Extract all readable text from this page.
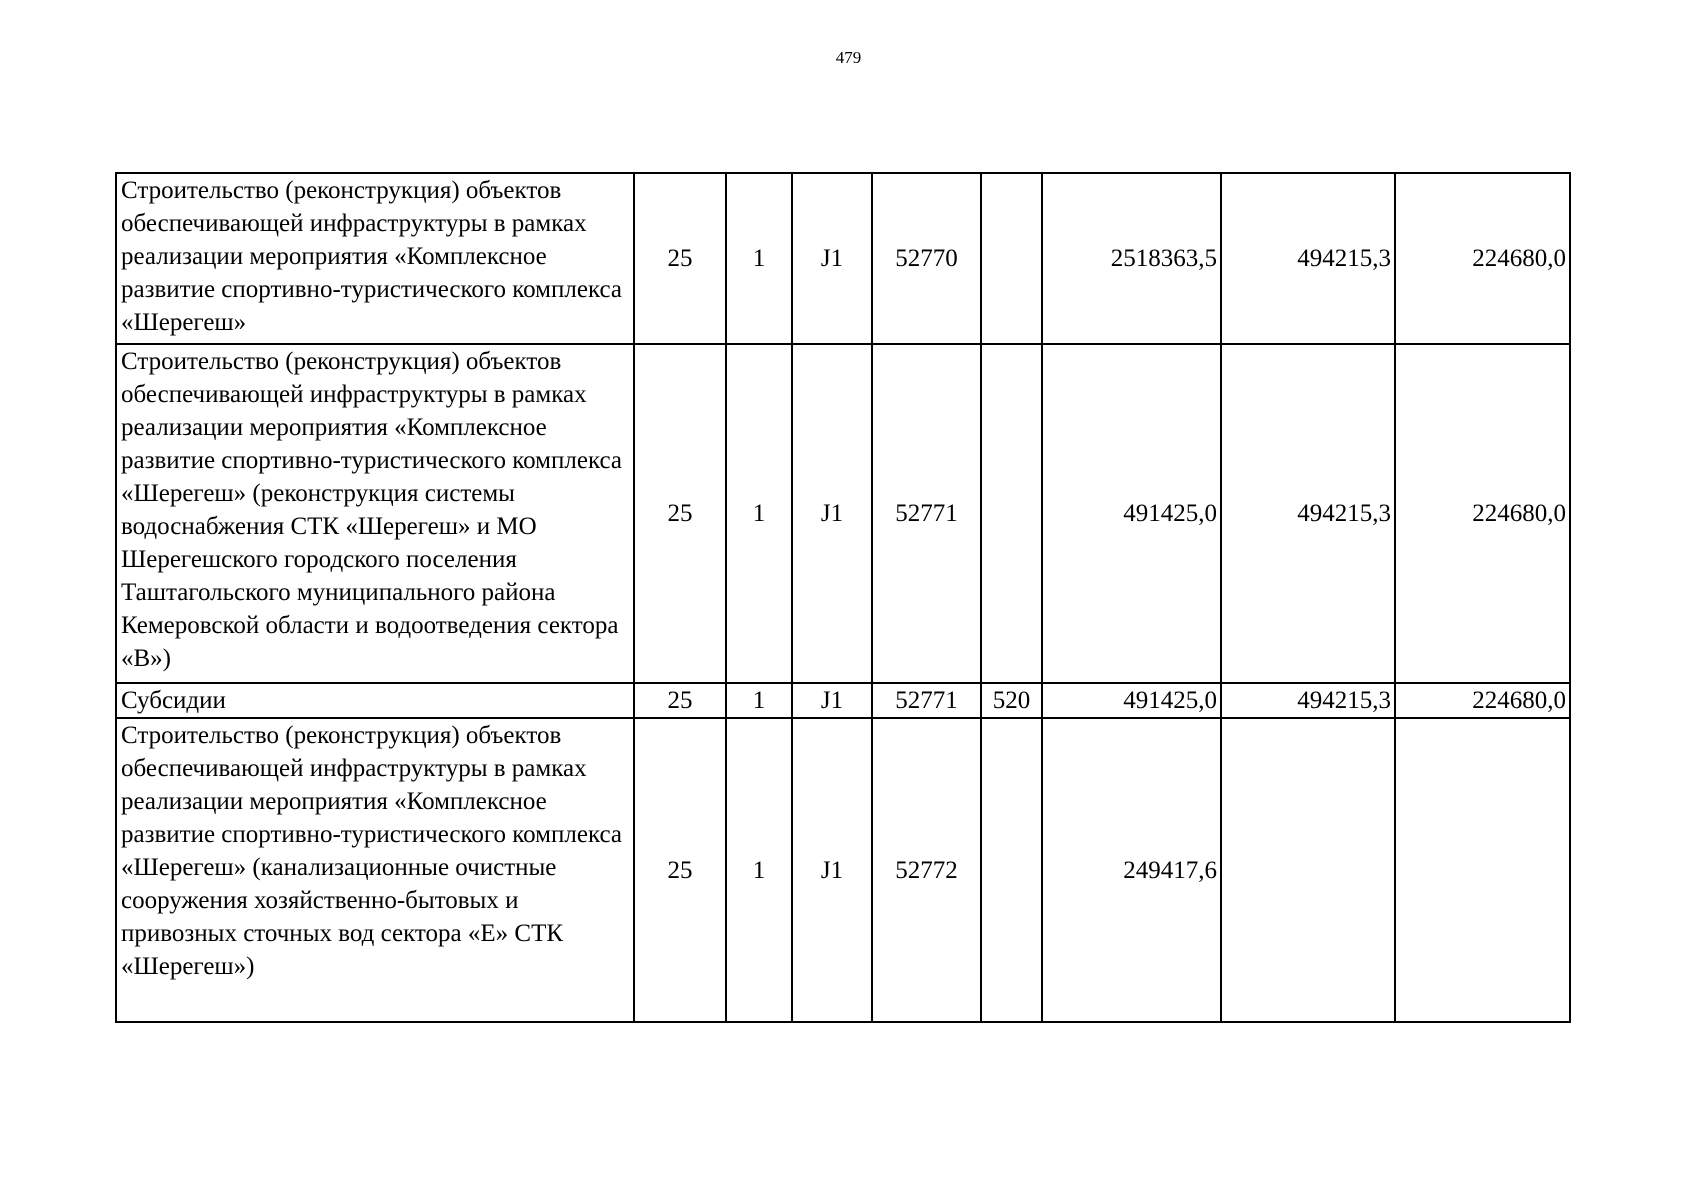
479
Строительство (реконструкция) объектов обеспечивающей инфраструктуры в рамках реализации мероприятия «Комплексное развитие спортивно-туристического комплекса «Шерегеш»	25	1	J1	52770		2518363,5	494215,3	224680,0
Строительство (реконструкция) объектов обеспечивающей инфраструктуры в рамках реализации мероприятия «Комплексное развитие спортивно-туристического комплекса «Шерегеш» (реконструкция системы водоснабжения СТК «Шерегеш» и МО Шерегешского городского поселения Таштагольского муниципального района Кемеровской области и водоотведения сектора «В»)	25	1	J1	52771		491425,0	494215,3	224680,0
Субсидии	25	1	J1	52771	520	491425,0	494215,3	224680,0
Строительство (реконструкция) объектов обеспечивающей инфраструктуры в рамках реализации мероприятия «Комплексное развитие спортивно-туристического комплекса «Шерегеш» (канализационные очистные сооружения хозяйственно-бытовых и привозных сточных вод сектора «Е» СТК «Шерегеш»)	25	1	J1	52772		249417,6		
